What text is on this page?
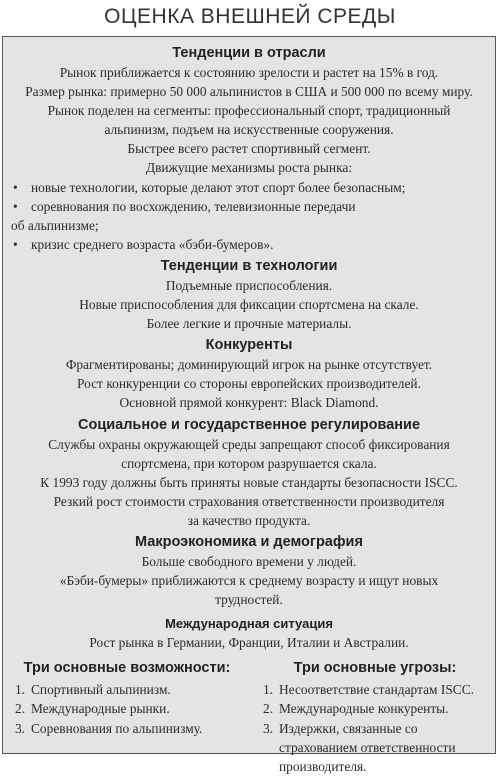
ОЦЕНКА ВНЕШНЕЙ СРЕДЫ
Тенденции в отрасли
Рынок приближается к состоянию зрелости и растет на 15% в год.
Размер рынка: примерно 50 000 альпинистов в США и 500 000 по всему миру.
Рынок поделен на сегменты: профессиональный спорт, традиционный
альпинизм, подъем на искусственные сооружения.
Быстрее всего растет спортивный сегмент.
Движущие механизмы роста рынка:
• новые технологии, которые делают этот спорт более безопасным;
• соревнования по восхождению, телевизионные передачи
об альпинизме;
• кризис среднего возраста «бэби-бумеров».
Тенденции в технологии
Подъемные приспособления.
Новые приспособления для фиксации спортсмена на скале.
Более легкие и прочные материалы.
Конкуренты
Фрагментированы; доминирующий игрок на рынке отсутствует.
Рост конкуренции со стороны европейских производителей.
Основной прямой конкурент: Black Diamond.
Социальное и государственное регулирование
Службы охраны окружающей среды запрещают способ фиксирования
спортсмена, при котором разрушается скала.
К 1993 году должны быть приняты новые стандарты безопасности ISCC.
Резкий рост стоимости страхования ответственности производителя
за качество продукта.
Макроэкономика и демография
Больше свободного времени у людей.
«Бэби-бумеры» приближаются к среднему возрасту и ищут новых
трудностей.
Международная ситуация
Рост рынка в Германии, Франции, Италии и Австралии.
Три основные возможности:
1. Спортивный альпинизм.
2. Международные рынки.
3. Соревнования по альпинизму.
Три основные угрозы:
1. Несоответствие стандартам ISCC.
2. Международные конкуренты.
3. Издержки, связанные со страхованием ответственности производителя.
